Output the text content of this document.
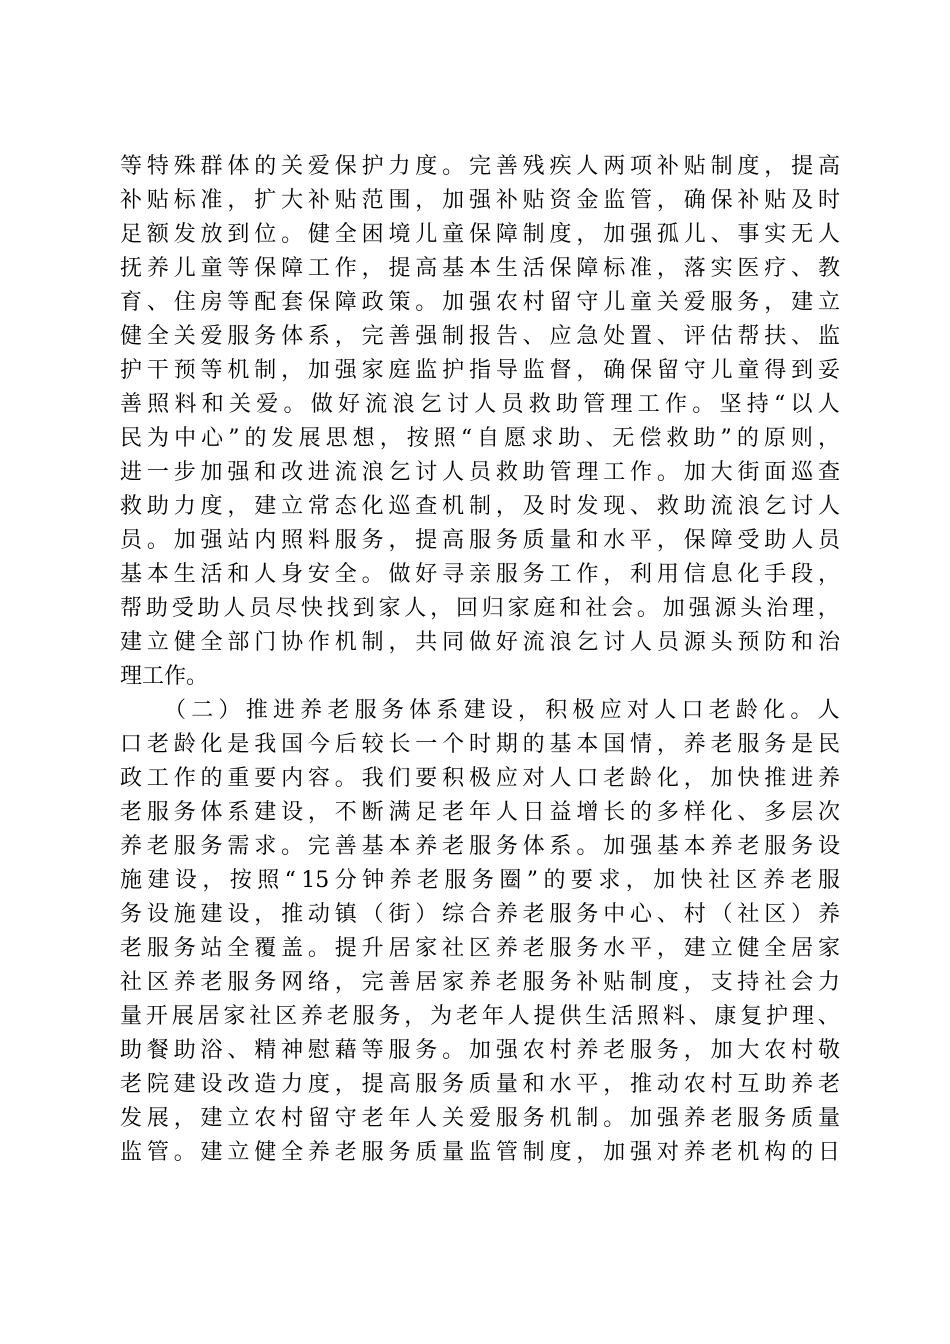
等 特 殊 群 体 的 关 爱 保 护 力 度 。 完 善 残 疾 人 两 项 补 贴 制 度 ， 提 高
补 贴 标 准 ， 扩 大 补 贴 范 围 ， 加 强 补 贴 资 金 监 管 ， 确 保 补 贴 及 时
足 额 发 放 到 位 。 健 全 困 境 儿 童 保 障 制 度 ， 加 强 孤 儿 、 事 实 无 人
抚 养 儿 童 等 保 障 工 作 ， 提 高 基 本 生 活 保 障 标 准 ， 落 实 医 疗 、 教
育 、 住 房 等 配 套 保 障 政 策 。 加 强 农 村 留 守 儿 童 关 爱 服 务 ， 建 立
健 全 关 爱 服 务 体 系 ， 完 善 强 制 报 告 、 应 急 处 置 、 评 估 帮 扶 、 监
护 干 预 等 机 制 ， 加 强 家 庭 监 护 指 导 监 督 ， 确 保 留 守 儿 童 得 到 妥
善 照 料 和 关 爱 。 做 好 流 浪 乞 讨 人 员 救 助 管 理 工 作 。 坚 持 “ 以 人
民 为 中 心 ” 的 发 展 思 想 ， 按 照 “ 自 愿 求 助 、 无 偿 救 助 ” 的 原 则 ，
进 一 步 加 强 和 改 进 流 浪 乞 讨 人 员 救 助 管 理 工 作 。 加 大 街 面 巡 查
救 助 力 度 ， 建 立 常 态 化 巡 查 机 制 ， 及 时 发 现 、 救 助 流 浪 乞 讨 人
员 。 加 强 站 内 照 料 服 务 ， 提 高 服 务 质 量 和 水 平 ， 保 障 受 助 人 员
基 本 生 活 和 人 身 安 全 。 做 好 寻 亲 服 务 工 作 ， 利 用 信 息 化 手 段 ，
帮 助 受 助 人 员 尽 快 找 到 家 人 ， 回 归 家 庭 和 社 会 。 加 强 源 头 治 理 ，
建 立 健 全 部 门 协 作 机 制 ， 共 同 做 好 流 浪 乞 讨 人 员 源 头 预 防 和 治
理工作。
（ 二 ） 推 进 养 老 服 务 体 系 建 设 ， 积 极 应 对 人 口 老 龄 化 。 人
口 老 龄 化 是 我 国 今 后 较 长 一 个 时 期 的 基 本 国 情 ， 养 老 服 务 是 民
政 工 作 的 重 要 内 容 。 我 们 要 积 极 应 对 人 口 老 龄 化 ， 加 快 推 进 养
老 服 务 体 系 建 设 ， 不 断 满 足 老 年 人 日 益 增 长 的 多 样 化 、 多 层 次
养 老 服 务 需 求 。 完 善 基 本 养 老 服 务 体 系 。 加 强 基 本 养 老 服 务 设
施 建 设 ， 按 照 “ 15 分 钟 养 老 服 务 圈 ” 的 要 求 ， 加 快 社 区 养 老 服
务 设 施 建 设 ， 推 动 镇 （ 街 ） 综 合 养 老 服 务 中 心 、 村 （ 社 区 ） 养
老 服 务 站 全 覆 盖 。 提 升 居 家 社 区 养 老 服 务 水 平 ， 建 立 健 全 居 家
社 区 养 老 服 务 网 络 ， 完 善 居 家 养 老 服 务 补 贴 制 度 ， 支 持 社 会 力
量 开 展 居 家 社 区 养 老 服 务 ， 为 老 年 人 提 供 生 活 照 料 、 康 复 护 理 、
助 餐 助 浴 、 精 神 慰 藉 等 服 务 。 加 强 农 村 养 老 服 务 ， 加 大 农 村 敬
老 院 建 设 改 造 力 度 ， 提 高 服 务 质 量 和 水 平 ， 推 动 农 村 互 助 养 老
发 展 ， 建 立 农 村 留 守 老 年 人 关 爱 服 务 机 制 。 加 强 养 老 服 务 质 量
监 管 。 建 立 健 全 养 老 服 务 质 量 监 管 制 度 ， 加 强 对 养 老 机 构 的 日
